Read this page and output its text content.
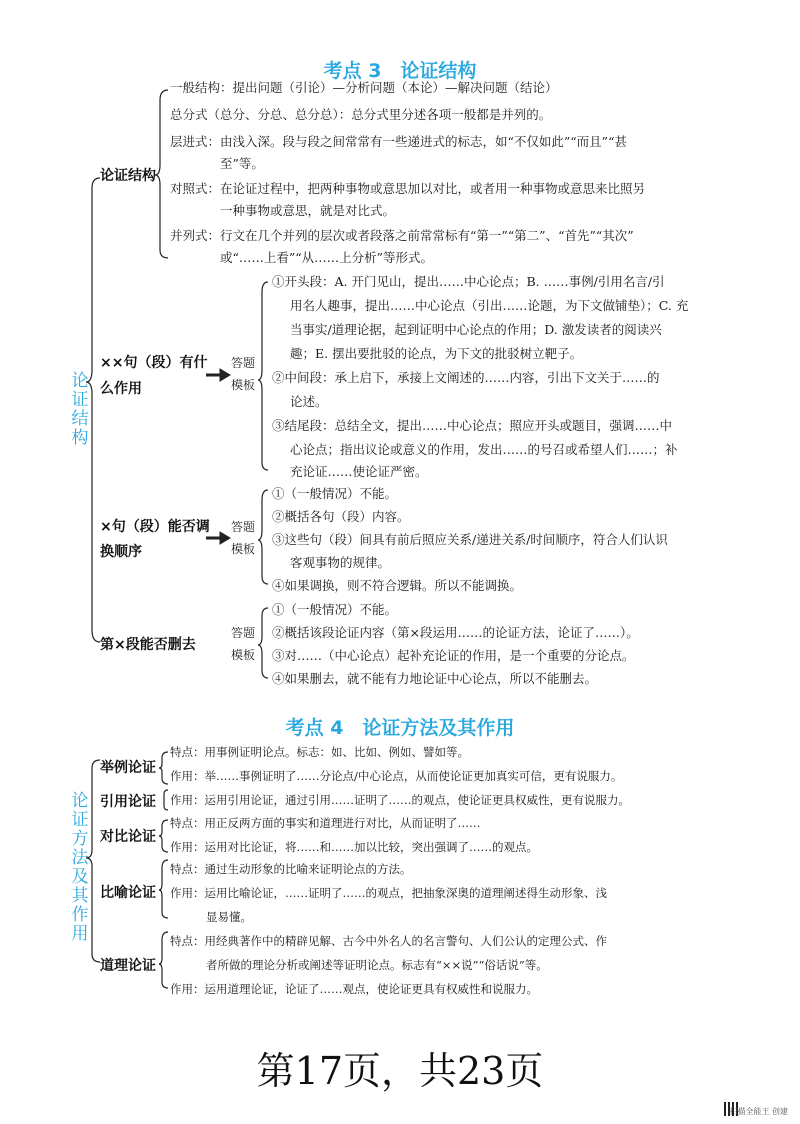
考点 3　论证结构
论证结构
论证结构
一般结构：提出问题（引论）—分析问题（本论）—解决问题（结论）
总分式（总分、分总、总分总）：总分式里分述各项一般都是并列的。
层进式：由浅入深。段与段之间常常有一些递进式的标志，如“不仅如此”“而且”“甚
至”等。
对照式：在论证过程中，把两种事物或意思加以对比，或者用一种事物或意思来比照另
一种事物或意思，就是对比式。
并列式：行文在几个并列的层次或者段落之前常常标有“第一”“第二”、“首先”“其次”
或“……上看”“从……上分析”等形式。
××句（段）有什
么作用
答题模板
①开头段：A. 开门见山，提出……中心论点；B. ……事例/引用名言/引
用名人趣事，提出……中心论点（引出……论题，为下文做铺垫）；C. 充
当事实/道理论据，起到证明中心论点的作用；D. 激发读者的阅读兴
趣；E. 摆出要批驳的论点，为下文的批驳树立靶子。
②中间段：承上启下，承接上文阐述的……内容，引出下文关于……的
论述。
③结尾段：总结全文，提出……中心论点；照应开头或题目，强调……中
心论点；指出议论或意义的作用，发出……的号召或希望人们……；补
充论证……使论证严密。
×句（段）能否调
换顺序
答题模板
①（一般情况）不能。
②概括各句（段）内容。
③这些句（段）间具有前后照应关系/递进关系/时间顺序，符合人们认识
客观事物的规律。
④如果调换，则不符合逻辑。所以不能调换。
第×段能否删去
答题模板
①（一般情况）不能。
②概括该段论证内容（第×段运用……的论证方法，论证了……）。
③对……（中心论点）起补充论证的作用，是一个重要的分论点。
④如果删去，就不能有力地论证中心论点，所以不能删去。
考点 4　论证方法及其作用
论证方法及其作用
举例论证
特点：用事例证明论点。标志：如、比如、例如、譬如等。
作用：举……事例证明了……分论点/中心论点，从而使论证更加真实可信，更有说服力。
引用论证 作用：运用引用论证，通过引用……证明了……的观点，使论证更具权威性，更有说服力。
对比论证
特点：用正反两方面的事实和道理进行对比，从而证明了……
作用：运用对比论证，将……和……加以比较，突出强调了……的观点。
比喻论证
特点：通过生动形象的比喻来证明论点的方法。
作用：运用比喻论证，……证明了……的观点，把抽象深奥的道理阐述得生动形象、浅
显易懂。
道理论证
特点：用经典著作中的精辟见解、古今中外名人的名言警句、人们公认的定理公式、作
者所做的理论分析或阐述等证明论点。标志有“××说”“俗话说”等。
作用：运用道理论证，论证了……观点，使论证更具有权威性和说服力。
第17页，共23页
扫描全能王 创建
